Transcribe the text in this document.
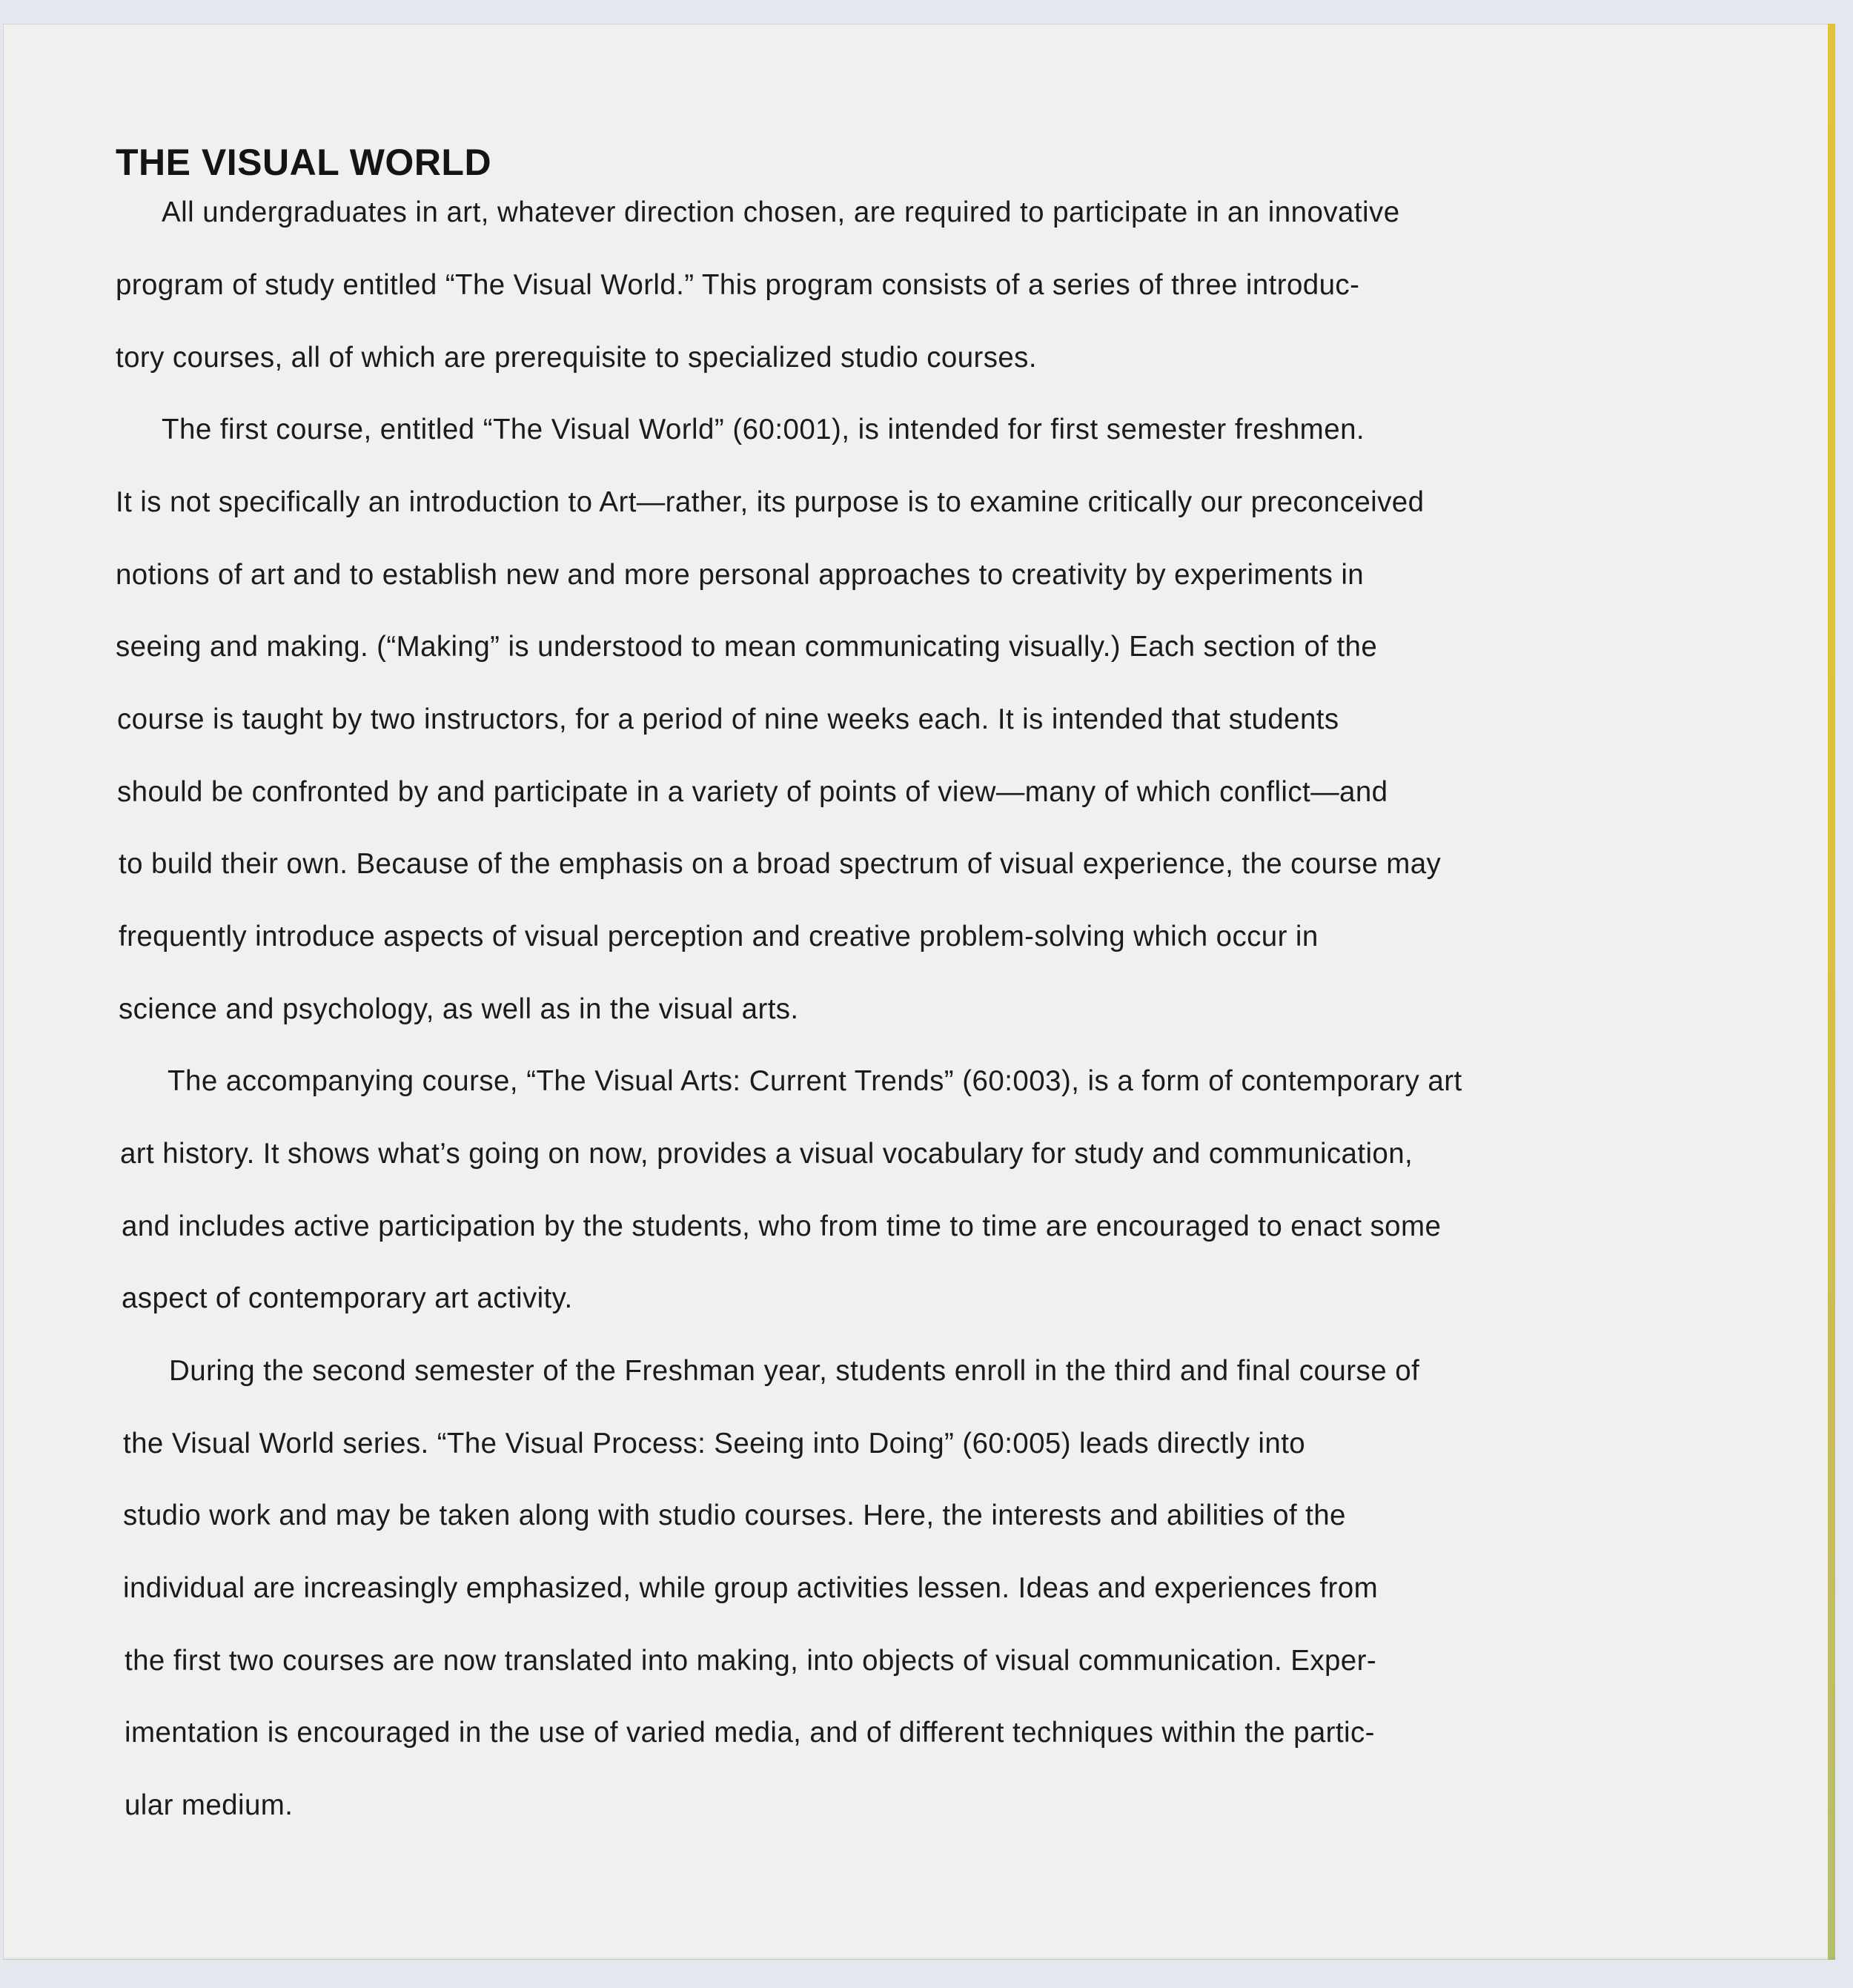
THE VISUAL WORLD

All undergraduates in art, whatever direction chosen, are required to participate in an innovative

program of study entitled “The Visual World.” This program consists of a series of three introduc-

tory courses, all of which are prerequisite to specialized studio courses.

The first course, entitled “The Visual World” (60:001), is intended for first semester freshmen.

It is not specifically an introduction to Art—rather, its purpose is to examine critically our preconceived

notions of art and to establish new and more personal approaches to creativity by experiments in

seeing and making. (“Making” is understood to mean communicating visually.) Each section of the

course is taught by two instructors, for a period of nine weeks each. It is intended that students

should be confronted by and participate in a variety of points of view—many of which conflict—and

to build their own. Because of the emphasis on a broad spectrum of visual experience, the course may

frequently introduce aspects of visual perception and creative problem-solving which occur in

science and psychology, as well as in the visual arts.

The accompanying course, “The Visual Arts: Current Trends” (60:003), is a form of contemporary art

art history. It shows what’s going on now, provides a visual vocabulary for study and communication,

and includes active participation by the students, who from time to time are encouraged to enact some

aspect of contemporary art activity.

During the second semester of the Freshman year, students enroll in the third and final course of

the Visual World series. “The Visual Process: Seeing into Doing” (60:005) leads directly into

studio work and may be taken along with studio courses. Here, the interests and abilities of the

individual are increasingly emphasized, while group activities lessen. Ideas and experiences from

the first two courses are now translated into making, into objects of visual communication. Exper-

imentation is encouraged in the use of varied media, and of different techniques within the partic-

ular medium.
